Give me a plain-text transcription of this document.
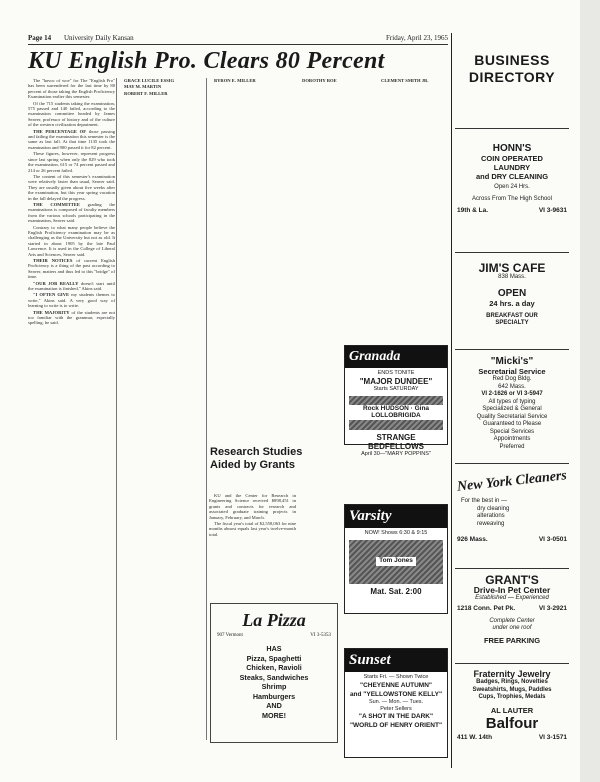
Page 14 University Daily Kansan	Friday, April 23, 1965
KU English Pro. Clears 80 Percent

The "havoc of woe" for The "English Pro" has been surrendered for the last time by 80 percent of those taking the English Proficiency Examination earlier this semester.

Of the 715 students taking the examination, 575 passed and 140 failed, according to the examination committee headed by James Seaver, professor of history and of the culture of the western civilization department.

THE PERCENTAGE OF those passing and failing the examination this semester is the same as last fall. At that time 1135 took the examination and 900 passed it for 82 percent.

These figures, however, represent progress since last spring when only the 829 who took the examination, 615 or 74 percent passed and 214 or 26 percent failed.

The content of this semester's examination were relatively faster than usual, Seaver said. They are usually given about five weeks after the examination, but this year spring vacation in the fall delayed the progress.

THE COMMITTEE grading the examinations is composed of faculty members from the various schools participating in the examination, Seaver said.

Contrary to what many people believe the English Proficiency examination may be as challenging as the University but not as old. It started in about 1905 by the late Paul Lawrence. It is used in the College of Liberal Arts and Sciences, Seaver said.

THEIR NOTICES of current English Proficiency is a thing of the past according to Seaver, matters and thus led to this "bridge" of time.

"OUR JOB REALLY doesn't start until the examination is finished," Akins said.

"I OFTEN GIVE my students themes to write," Akins said. A very good way of learning to write is to write.

THE MAJORITY of the students are not too familiar with the grammar, especially spelling, he said.

GRACE LUCILE ESSIG

MAY M. MARTIN

ROBERT F. MILLER

BYRON E. MILLER	DOROTHY ROE	CLEMENT SMITH JR.

Research Studies Aided by Grants

KU and the Center for Research in Engineering Science received $898,451 in grants and contracts for research and associated graduate training projects in January, February, and March.

The fiscal year's total of $2,558,063 for nine months almost equals last year's twelve-month total.

La Pizza
907 Vermont	VI 3-5353
HAS
Pizza, Spaghetti
Chicken, Ravioli
Steaks, Sandwiches
Shrimp
Hamburgers
AND
MORE!
Granada
ENDS TONITE
"MAJOR DUNDEE"
Starts SATURDAY
Rock HUDSON · Gina LOLLOBRIGIDA
STRANGE BEDFELLOWS
April 30—"MARY POPPINS"
Varsity
NOW! Shows 6:30 & 9:15
Tom Jones
Mat. Sat. 2:00
Sunset
Starts Fri. — Shown Twice
"CHEYENNE AUTUMN"
and "YELLOWSTONE KELLY"
Sun. — Mon. — Tues.
Peter Sellers
"A SHOT IN THE DARK"
"WORLD OF HENRY ORIENT"
BUSINESS
DIRECTORY
HONN'S
COIN OPERATED
LAUNDRY
and DRY CLEANING
Open 24 Hrs.
Across From The High School
19th & La.	VI 3-9631
JIM'S CAFE
838 Mass.
OPEN
24 hrs. a day
BREAKFAST OUR
SPECIALTY
"Micki's"
Secretarial Service
Red Dog Bldg.
642 Mass.
VI 2-1626 or VI 3-5947
All types of typing
Specialized & General
Quality Secretarial Service
Guaranteed to Please
Special Services
Appointments
Preferred
New York Cleaners
For the best in —
dry cleaning
alterations
reweaving
926 Mass.	VI 3-0501
GRANT'S
Drive-In Pet Center
Established — Experienced
1218 Conn. Pet Pk.	VI 3-2921
Complete Center
under one roof
FREE PARKING
Fraternity Jewelry
Badges, Rings, Novelties
Sweatshirts, Mugs, Paddles
Cups, Trophies, Medals
AL LAUTER
Balfour
411 W. 14th	VI 3-1571
